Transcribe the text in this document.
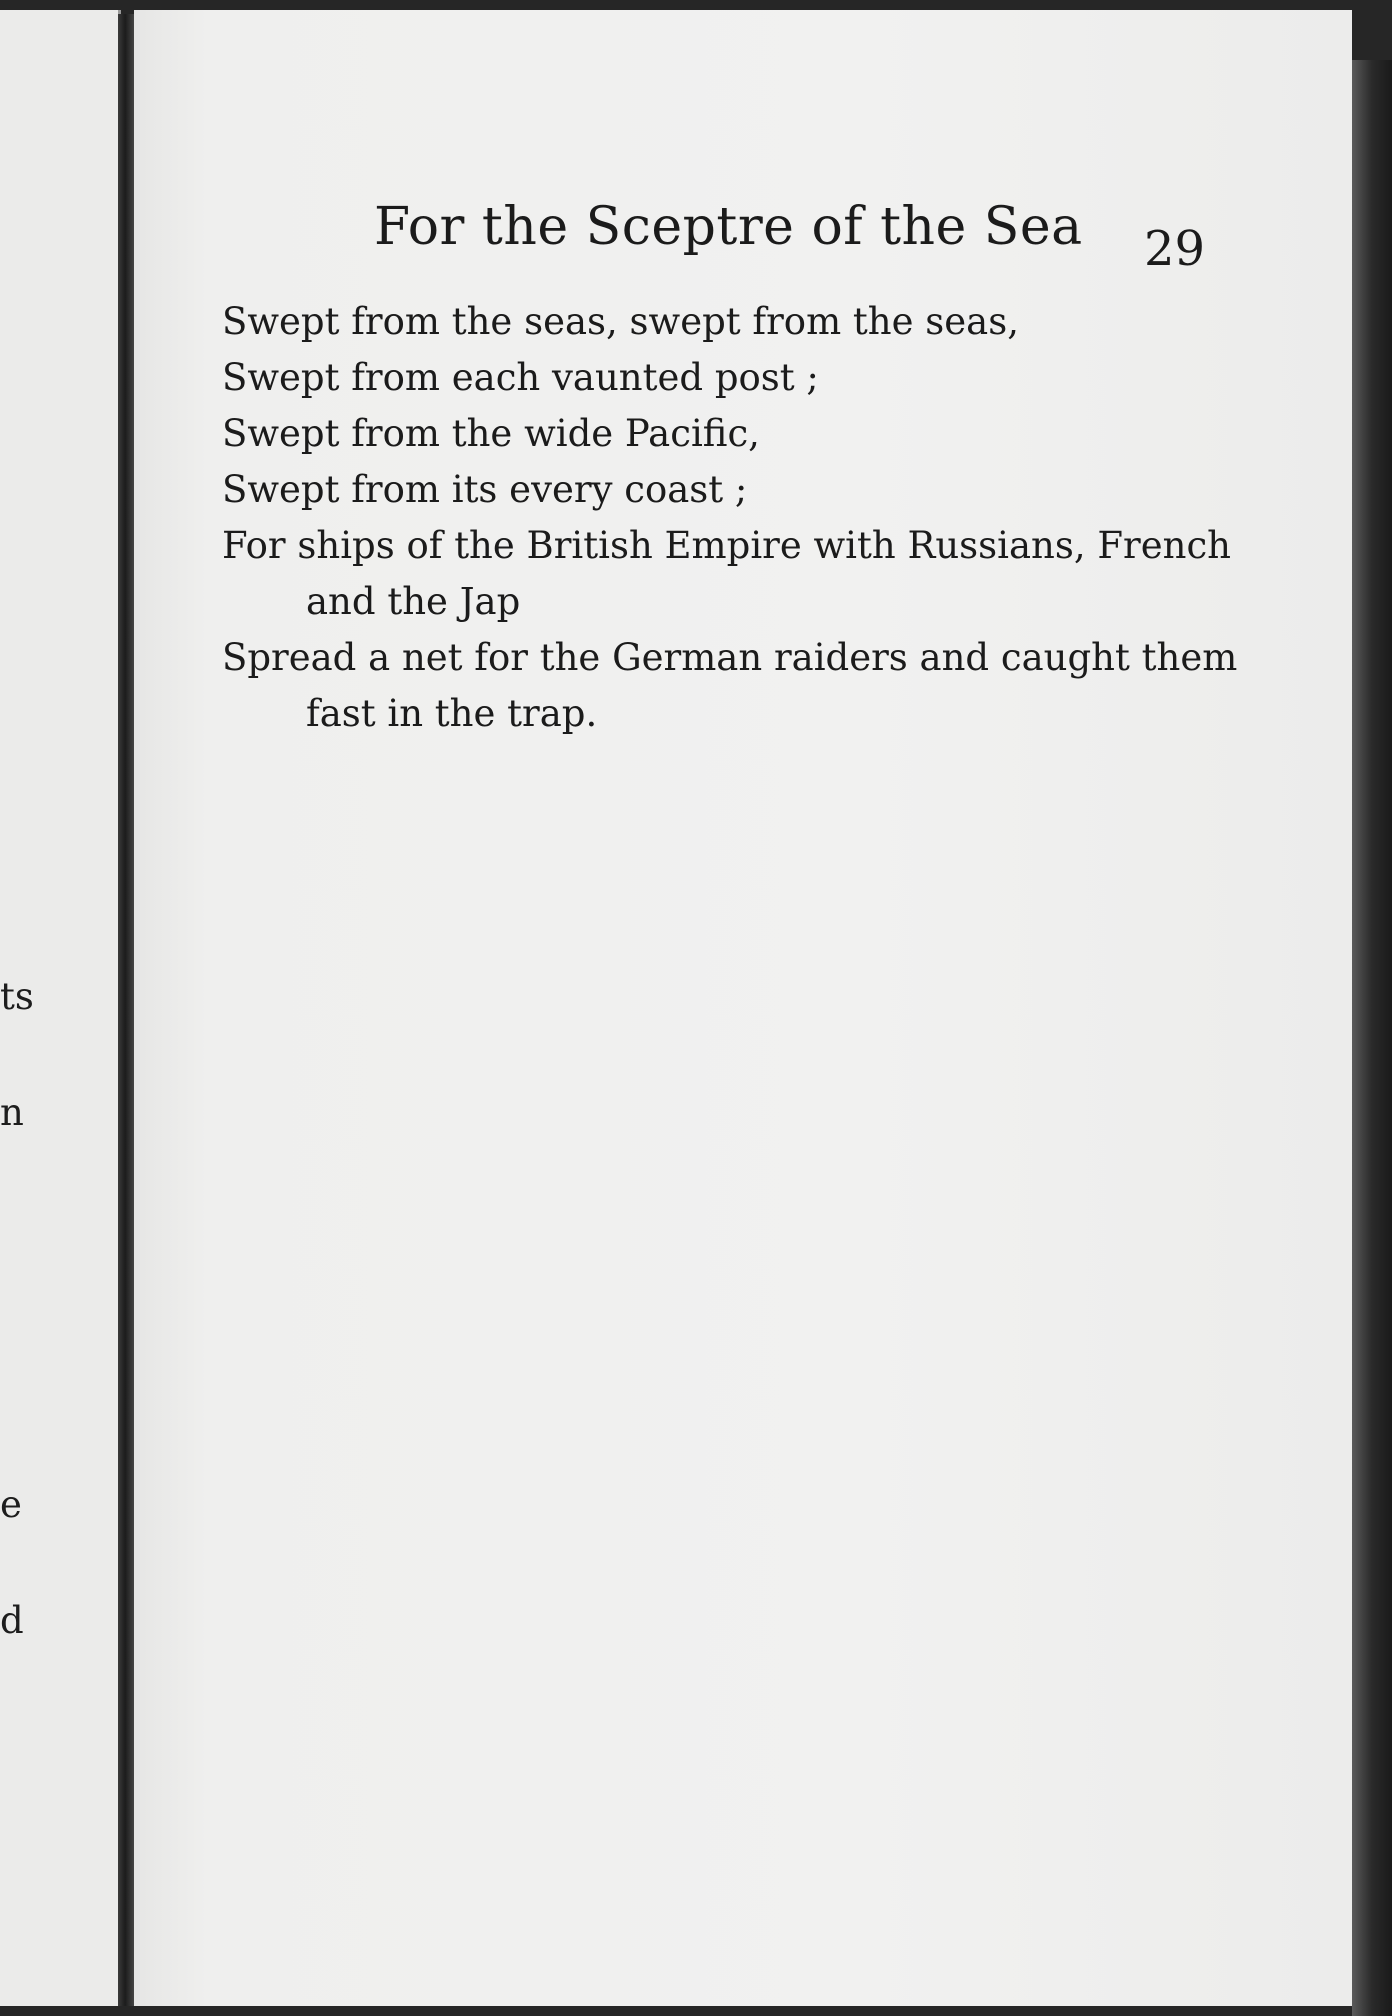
ts
n
e
d
For the Sceptre of the Sea	29
Swept from the seas, swept from the seas,
Swept from each vaunted post ;
Swept from the wide Pacific,
Swept from its every coast ;
For ships of the British Empire with Russians, French
and the Jap
Spread a net for the German raiders and caught them
fast in the trap.
